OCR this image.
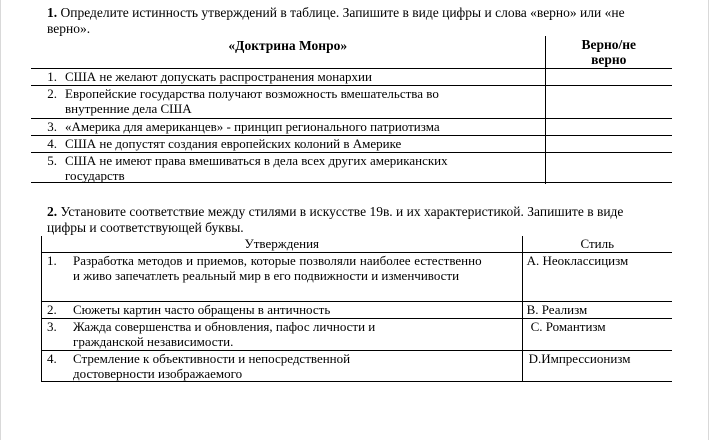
1. Определите истинность утверждений в таблице. Запишите в виде цифры и слова «верно» или «не верно».
«Доктрина Монро»	Верно/не
верно

1. США не желают допускать распространения монархии	

2. Европейские государства получают возможность вмешательства во внутренние дела США	

3. «Америка для американцев» - принцип регионального патриотизма	

4. США не допустят создания европейских колоний в Америке	

5. США не имеют права вмешиваться в дела всех других американских государств	

2. Установите соответствие между стилями в искусстве 19в. и их характеристикой. Запишите в виде цифры и соответствующей буквы.
Утверждения	Стиль

1. Разработка методов и приемов, которые позволяли наиболее естественно и живо запечатлеть реальный мир в его подвижности и изменчивости	А. Неоклассицизм

2. Сюжеты картин часто обращены в античность	В. Реализм

3. Жажда совершенства и обновления, пафос личности и гражданской независимости.	С. Романтизм

4. Стремление к объективности и непосредственной достоверности изображаемого	D.Импрессионизм
